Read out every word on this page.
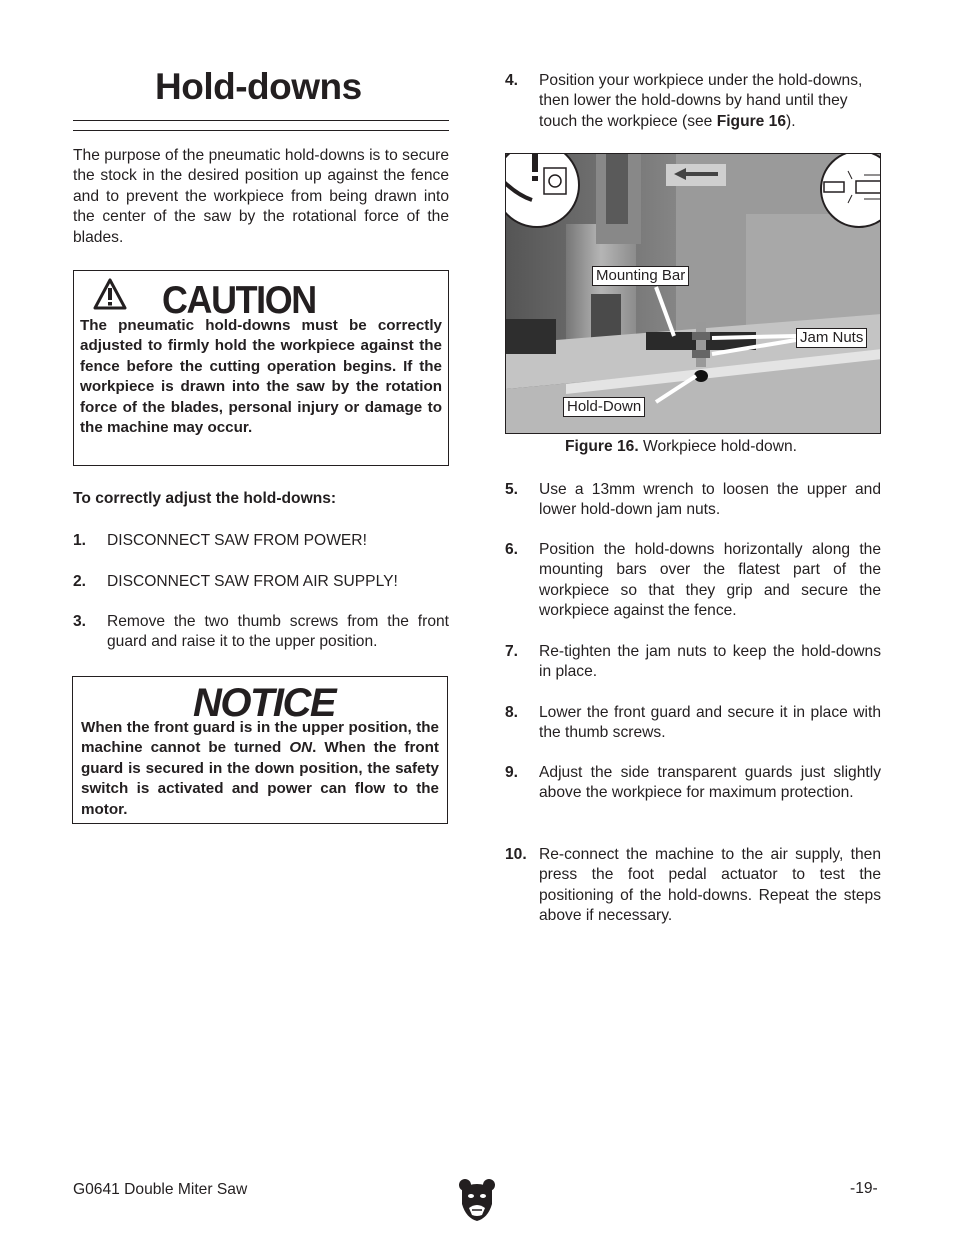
Hold-downs
The purpose of the pneumatic hold-downs is to secure the stock in the desired position up against the fence and to prevent the workpiece from being drawn into the center of the saw by the rotational force of the blades.
CAUTION
The pneumatic hold-downs must be correctly adjusted to firmly hold the workpiece against the fence before the cutting operation begins. If the workpiece is drawn into the saw by the rotation force of the blades, personal injury or damage to the machine may occur.
To correctly adjust the hold-downs:
1. DISCONNECT SAW FROM POWER!
2. DISCONNECT SAW FROM AIR SUPPLY!
3. Remove the two thumb screws from the front guard and raise it to the upper position.
NOTICE
When the front guard is in the upper position, the machine cannot be turned ON. When the front guard is secured in the down position, the safety switch is activated and power can flow to the motor.
4. Position your workpiece under the hold-downs, then lower the hold-downs by hand until they touch the workpiece (see Figure 16).
Mounting Bar
Jam Nuts
Hold-Down
Figure 16. Workpiece hold-down.
5. Use a 13mm wrench to loosen the upper and lower hold-down jam nuts.
6. Position the hold-downs horizontally along the mounting bars over the flatest part of the workpiece so that they grip and secure the workpiece against the fence.
7. Re-tighten the jam nuts to keep the hold-downs in place.
8. Lower the front guard and secure it in place with the thumb screws.
9. Adjust the side transparent guards just slightly above the workpiece for maximum protection.
10. Re-connect the machine to the air supply, then press the foot pedal actuator to test the positioning of the hold-downs. Repeat the steps above if necessary.
G0641 Double Miter Saw	-19-
